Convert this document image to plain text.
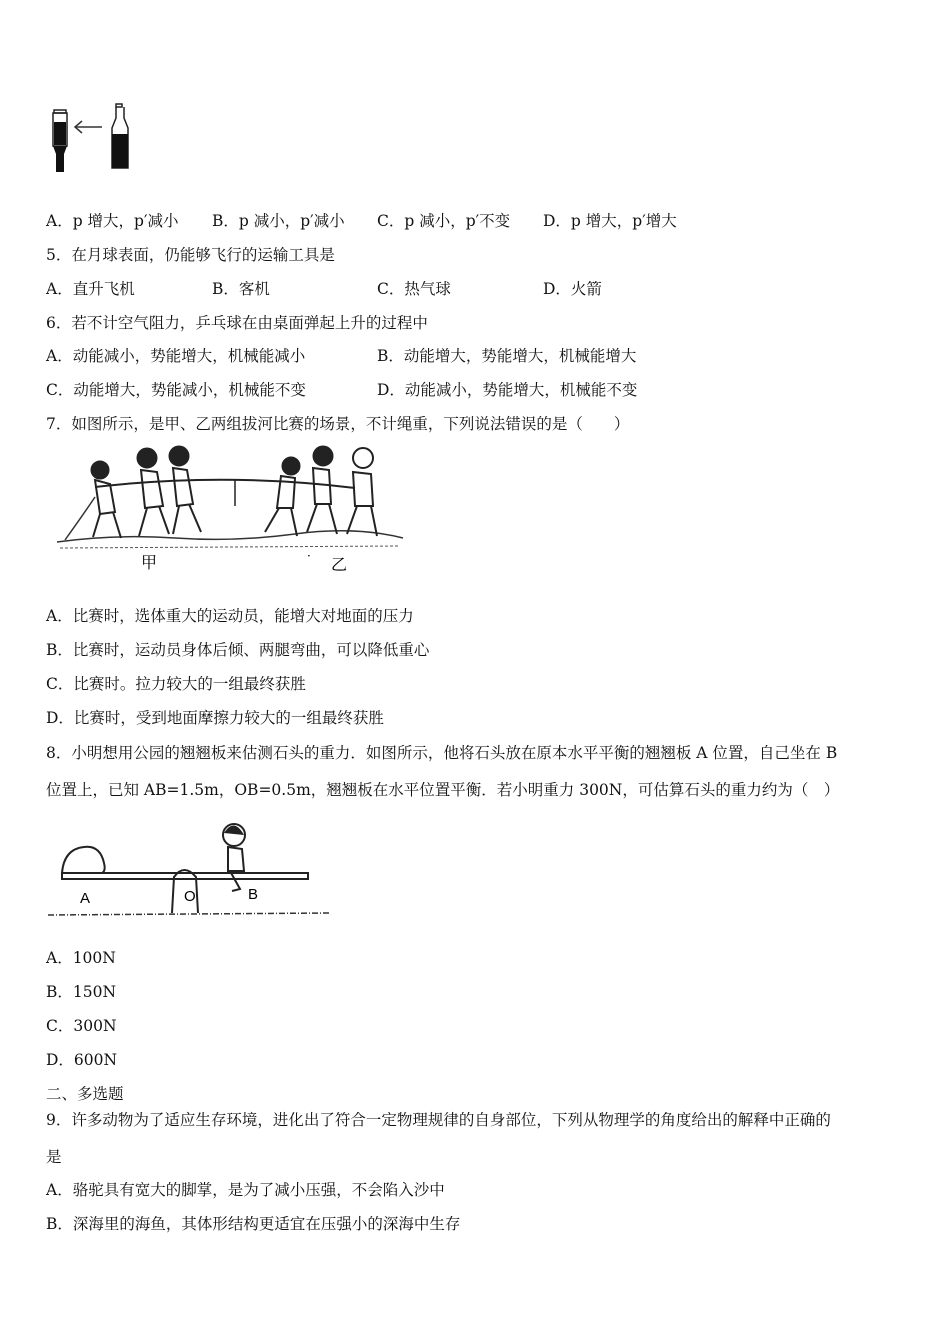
A．p 增大，p′减小 B．p 减小，p′减小 C．p 减小，p′不变 D．p 增大，p′增大
5．在月球表面，仍能够飞行的运输工具是
A．直升飞机	B．客机	C．热气球	D．火箭
6．若不计空气阻力，乒乓球在由桌面弹起上升的过程中
A．动能减小，势能增大，机械能减小	B．动能增大，势能增大，机械能增大
C．动能增大，势能减小，机械能不变	D．动能减小，势能增大，机械能不变
7．如图所示，是甲、乙两组拔河比赛的场景，不计绳重，下列说法错误的是（　　）
甲	· 乙
A．比赛时，选体重大的运动员，能增大对地面的压力
B．比赛时，运动员身体后倾、两腿弯曲，可以降低重心
C．比赛时。拉力较大的一组最终获胜
D．比赛时，受到地面摩擦力较大的一组最终获胜
8．小明想用公园的翘翘板来估测石头的重力．如图所示，他将石头放在原本水平平衡的翘翘板 A 位置，自己坐在 B
位置上，已知 AB=1.5m，OB=0.5m，翘翘板在水平位置平衡．若小明重力 300N，可估算石头的重力约为（　）
A	O	B
A．100N
B．150N
C．300N
D．600N
二、多选题
9．许多动物为了适应生存环境，进化出了符合一定物理规律的自身部位，下列从物理学的角度给出的解释中正确的
是
A．骆驼具有宽大的脚掌，是为了减小压强，不会陷入沙中
B．深海里的海鱼，其体形结构更适宜在压强小的深海中生存
